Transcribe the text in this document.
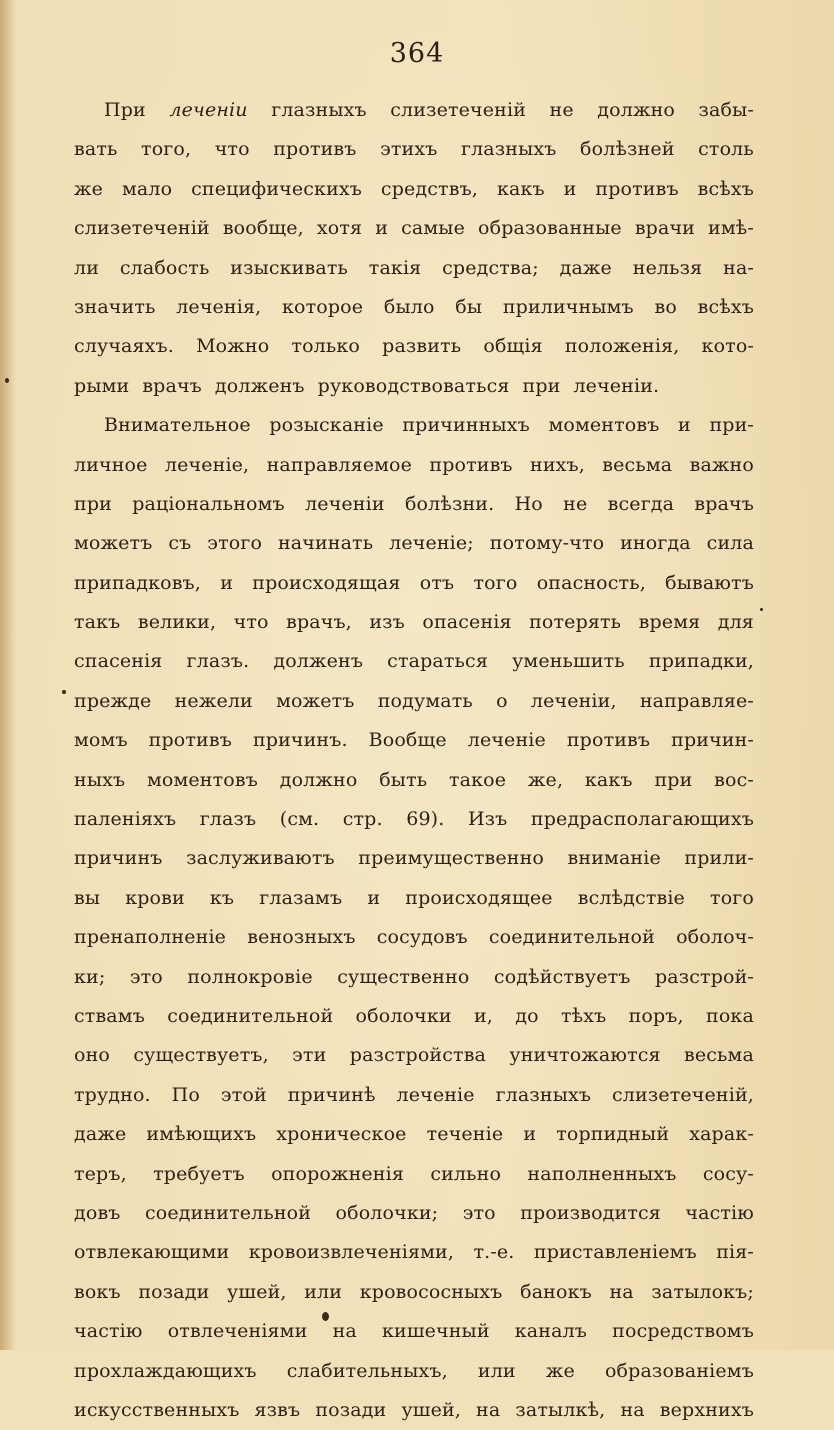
364
При леченіи глазныхъ слизетеченій не должно забы-
вать того, что противъ этихъ глазныхъ болѣзней столь
же мало специфическихъ средствъ, какъ и противъ всѣхъ
слизетеченій вообще, хотя и самые образованные врачи имѣ-
ли слабость изыскивать такія средства; даже нельзя на-
значить леченія, которое было бы приличнымъ во всѣхъ
случаяхъ. Можно только развить общія положенія, кото-
рыми врачъ долженъ руководствоваться при леченіи.
Внимательное розысканіе причинныхъ моментовъ и при-
личное леченіе, направляемое противъ нихъ, весьма важно
при раціональномъ леченіи болѣзни. Но не всегда врачъ
можетъ съ этого начинать леченіе; потому-что иногда сила
припадковъ, и происходящая отъ того опасность, бываютъ
такъ велики, что врачъ, изъ опасенія потерять время для
спасенія глазъ. долженъ стараться уменьшить припадки,
прежде нежели можетъ подумать о леченіи, направляе-
момъ противъ причинъ. Вообще леченіе противъ причин-
ныхъ моментовъ должно быть такое же, какъ при вос-
паленіяхъ глазъ (см. стр. 69). Изъ предрасполагающихъ
причинъ заслуживаютъ преимущественно вниманіе прили-
вы крови къ глазамъ и происходящее вслѣдствіе того
пренаполненіе венозныхъ сосудовъ соединительной оболоч-
ки; это полнокровіе существенно содѣйствуетъ разстрой-
ствамъ соединительной оболочки и, до тѣхъ поръ, пока
оно существуетъ, эти разстройства уничтожаются весьма
трудно. По этой причинѣ леченіе глазныхъ слизетеченій,
даже имѣющихъ хроническое теченіе и торпидный харак-
теръ, требуетъ опорожненія сильно наполненныхъ сосу-
довъ соединительной оболочки; это производится частію
отвлекающими кровоизвлеченіями, т.-е. приставленіемъ пія-
вокъ позади ушей, или кровососныхъ банокъ на затылокъ;
частію отвлеченіями на кишечный каналъ посредствомъ
прохлаждающихъ слабительныхъ, или же образованіемъ
искусственныхъ язвъ позади ушей, на затылкѣ, на верхнихъ
